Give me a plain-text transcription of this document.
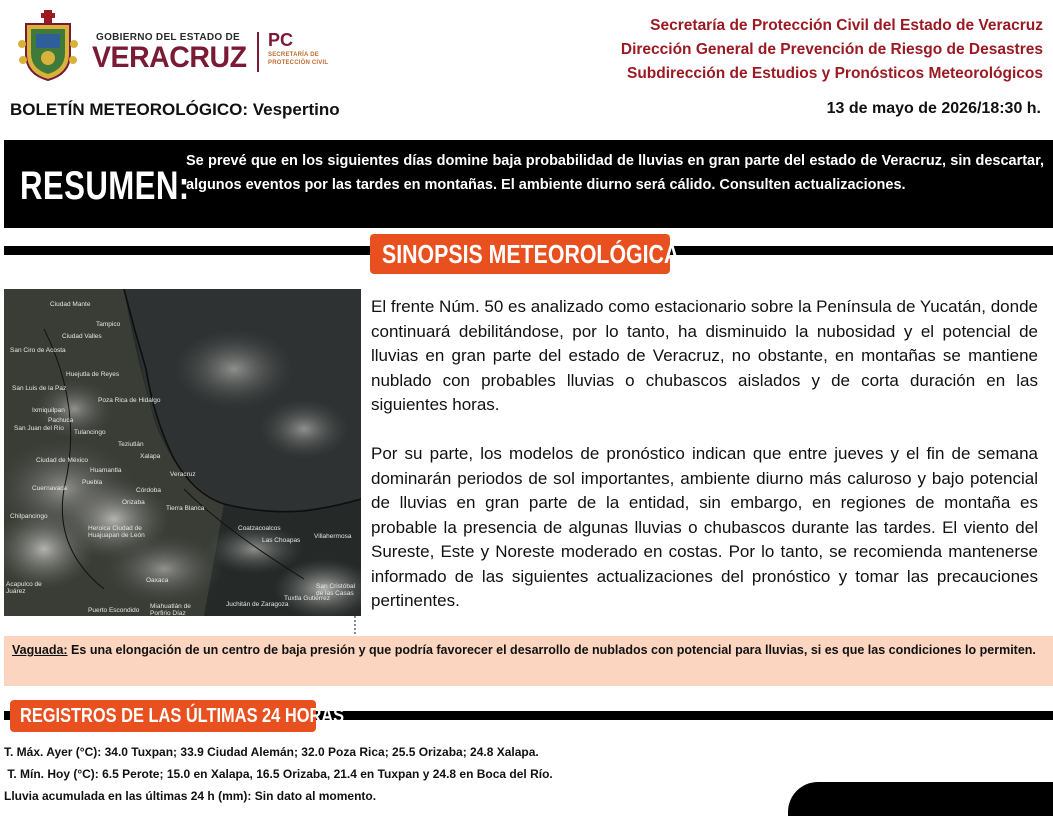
GOBIERNO DEL ESTADO DE
VERACRUZ
PC
SECRETARÍA DE
PROTECCIÓN CIVIL
Secretaría de Protección Civil del Estado de Veracruz
Dirección General de Prevención de Riesgo de Desastres
Subdirección de Estudios y Pronósticos Meteorológicos
BOLETÍN METEOROLÓGICO: Vespertino	13 de mayo de 2026/18:30 h.
RESUMEN:
Se prevé que en los siguientes días domine baja probabilidad de lluvias en gran parte del estado de Veracruz, sin descartar, algunos eventos por las tardes en montañas. El ambiente diurno será cálido. Consulten actualizaciones.
SINOPSIS METEOROLÓGICA
Ciudad Mante
Tampico
Ciudad Valles
San Ciro de Acosta
Huejutla de Reyes
San Luis de la Paz
Ixmiquilpan
Poza Rica de Hidalgo
San Juan del Río
Pachuca
Tulancingo
Teziutlán
Xalapa
Ciudad de México
Huamantla
Cuernavaca
Puebla
Veracruz
Córdoba
Orizaba
Tierra Blanca
Chilpancingo
Heroica Ciudad de Huajuapan de León
Coatzacoalcos
Las Choapas
Villahermosa
Oaxaca
Acapulco de Juárez
Juchitán de Zaragoza
Tuxtla Gutiérrez
San Cristóbal de las Casas
Puerto Escondido
Miahuatlán de Porfirio Díaz

El frente Núm. 50 es analizado como estacionario sobre la Península de Yucatán, donde continuará debilitándose, por lo tanto, ha disminuido la nubosidad y el potencial de lluvias en gran parte del estado de Veracruz, no obstante, en montañas se mantiene nublado con probables lluvias o chubascos aislados y de corta duración en las siguientes horas.

Por su parte, los modelos de pronóstico indican que entre jueves y el fin de semana dominarán periodos de sol importantes, ambiente diurno más caluroso y bajo potencial de lluvias en gran parte de la entidad, sin embargo, en regiones de montaña es probable la presencia de algunas lluvias o chubascos durante las tardes. El viento del Sureste, Este y Noreste moderado en costas. Por lo tanto, se recomienda mantenerse informado de las siguientes actualizaciones del pronóstico y tomar las precauciones pertinentes.

Vaguada: Es una elongación de un centro de baja presión y que podría favorecer el desarrollo de nublados con potencial para lluvias, si es que las condiciones lo permiten.
REGISTROS DE LAS ÚLTIMAS 24 HORAS
T. Máx. Ayer (°C): 34.0 Tuxpan; 33.9 Ciudad Alemán; 32.0 Poza Rica; 25.5 Orizaba; 24.8 Xalapa.
T. Mín. Hoy (°C): 6.5 Perote; 15.0 en Xalapa, 16.5 Orizaba, 21.4 en Tuxpan y 24.8 en Boca del Río.
Lluvia acumulada en las últimas 24 h (mm): Sin dato al momento.
